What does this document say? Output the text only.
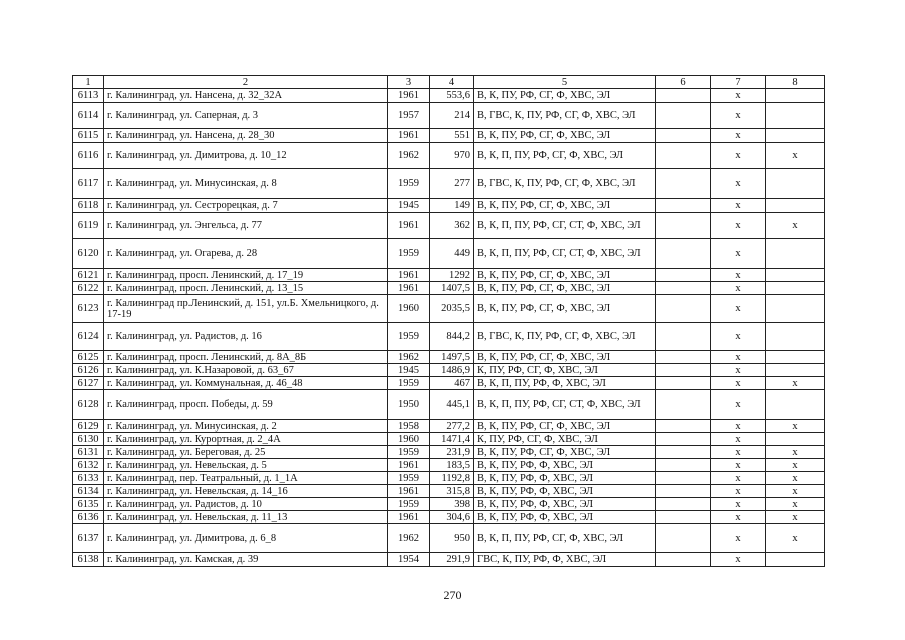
1	2	3	4	5	6	7	8
6113	г. Калининград, ул. Нансена, д. 32_32А	1961	553,6	В, К, ПУ, РФ, СГ, Ф, ХВС, ЭЛ		х	
6114	г. Калининград, ул. Саперная, д. 3	1957	214	В, ГВС, К, ПУ, РФ, СГ, Ф, ХВС, ЭЛ		х	
6115	г. Калининград, ул. Нансена, д. 28_30	1961	551	В, К, ПУ, РФ, СГ, Ф, ХВС, ЭЛ		х	
6116	г. Калининград, ул. Димитрова, д. 10_12	1962	970	В, К, П, ПУ, РФ, СГ, Ф, ХВС, ЭЛ		х	х
6117	г. Калининград, ул. Минусинская, д. 8	1959	277	В, ГВС, К, ПУ, РФ, СГ, Ф, ХВС, ЭЛ		х	
6118	г. Калининград, ул. Сестрорецкая, д. 7	1945	149	В, К, ПУ, РФ, СГ, Ф, ХВС, ЭЛ		х	
6119	г. Калининград, ул. Энгельса, д. 77	1961	362	В, К, П, ПУ, РФ, СГ, СТ, Ф, ХВС, ЭЛ		х	х
6120	г. Калининград, ул. Огарева, д. 28	1959	449	В, К, П, ПУ, РФ, СГ, СТ, Ф, ХВС, ЭЛ		х	
6121	г. Калининград, просп. Ленинский, д. 17_19	1961	1292	В, К, ПУ, РФ, СГ, Ф, ХВС, ЭЛ		х	
6122	г. Калининград, просп. Ленинский, д. 13_15	1961	1407,5	В, К, ПУ, РФ, СГ, Ф, ХВС, ЭЛ		х	
6123	г. Калининград пр.Ленинский, д. 151, ул.Б. Хмельницкого, д. 17-19	1960	2035,5	В, К, ПУ, РФ, СГ, Ф, ХВС, ЭЛ		х	
6124	г. Калининград, ул. Радистов, д. 16	1959	844,2	В, ГВС, К, ПУ, РФ, СГ, Ф, ХВС, ЭЛ		х	
6125	г. Калининград, просп. Ленинский, д. 8А_8Б	1962	1497,5	В, К, ПУ, РФ, СГ, Ф, ХВС, ЭЛ		х	
6126	г. Калининград, ул. К.Назаровой, д. 63_67	1945	1486,9	К, ПУ, РФ, СГ, Ф, ХВС, ЭЛ		х	
6127	г. Калининград, ул. Коммунальная, д. 46_48	1959	467	В, К, П, ПУ, РФ, Ф, ХВС, ЭЛ		х	х
6128	г. Калининград, просп. Победы, д. 59	1950	445,1	В, К, П, ПУ, РФ, СГ, СТ, Ф, ХВС, ЭЛ		х	
6129	г. Калининград, ул. Минусинская, д. 2	1958	277,2	В, К, ПУ, РФ, СГ, Ф, ХВС, ЭЛ		х	х
6130	г. Калининград, ул. Курортная, д. 2_4А	1960	1471,4	К, ПУ, РФ, СГ, Ф, ХВС, ЭЛ		х	
6131	г. Калининград, ул. Береговая, д. 25	1959	231,9	В, К, ПУ, РФ, СГ, Ф, ХВС, ЭЛ		х	х
6132	г. Калининград, ул. Невельская, д. 5	1961	183,5	В, К, ПУ, РФ, Ф, ХВС, ЭЛ		х	х
6133	г. Калининград, пер. Театральный, д. 1_1А	1959	1192,8	В, К, ПУ, РФ, Ф, ХВС, ЭЛ		х	х
6134	г. Калининград, ул. Невельская, д. 14_16	1961	315,8	В, К, ПУ, РФ, Ф, ХВС, ЭЛ		х	х
6135	г. Калининград, ул. Радистов, д. 10	1959	398	В, К, ПУ, РФ, Ф, ХВС, ЭЛ		х	х
6136	г. Калининград, ул. Невельская, д. 11_13	1961	304,6	В, К, ПУ, РФ, Ф, ХВС, ЭЛ		х	х
6137	г. Калининград, ул. Димитрова, д. 6_8	1962	950	В, К, П, ПУ, РФ, СГ, Ф, ХВС, ЭЛ		х	х
6138	г. Калининград, ул. Камская, д. 39	1954	291,9	ГВС, К, ПУ, РФ, Ф, ХВС, ЭЛ		х	
270
